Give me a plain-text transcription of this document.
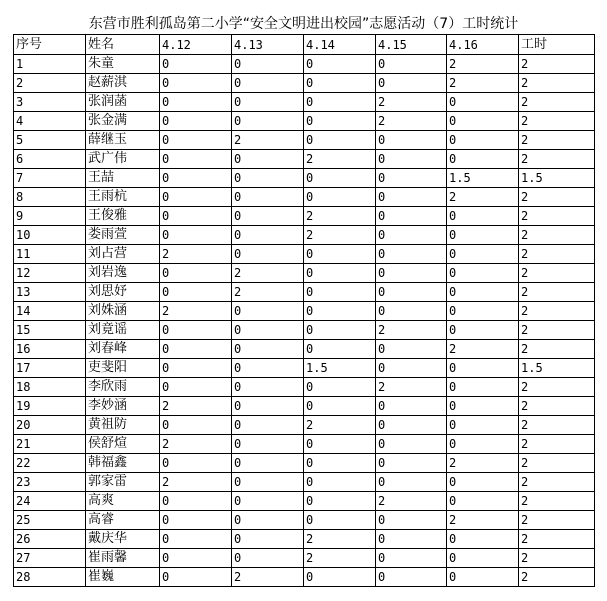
东营市胜利孤岛第二小学“安全文明进出校园”志愿活动（7）工时统计
序号	姓名	4.12	4.13	4.14	4.15	4.16	工时
1	朱童	0	0	0	0	2	2
2	赵薪淇	0	0	0	0	2	2
3	张润菡	0	0	0	2	0	2
4	张金满	0	0	0	2	0	2
5	薛继玉	0	2	0	0	0	2
6	武广伟	0	0	2	0	0	2
7	王喆	0	0	0	0	1.5	1.5
8	王雨杭	0	0	0	0	2	2
9	王俊雅	0	0	2	0	0	2
10	娄雨萱	0	0	2	0	0	2
11	刘占营	2	0	0	0	0	2
12	刘岩逸	0	2	0	0	0	2
13	刘思妤	0	2	0	0	0	2
14	刘姝涵	2	0	0	0	0	2
15	刘竟谣	0	0	0	2	0	2
16	刘春峰	0	0	0	0	2	2
17	吏斐阳	0	0	1.5	0	0	1.5
18	李欣雨	0	0	0	2	0	2
19	李妙涵	2	0	0	0	0	2
20	黄祖防	0	0	2	0	0	2
21	侯舒煊	2	0	0	0	0	2
22	韩福鑫	0	0	0	0	2	2
23	郭家雷	2	0	0	0	0	2
24	高爽	0	0	0	2	0	2
25	高睿	0	0	0	0	2	2
26	戴庆华	0	0	2	0	0	2
27	崔雨馨	0	0	2	0	0	2
28	崔巍	0	2	0	0	0	2
